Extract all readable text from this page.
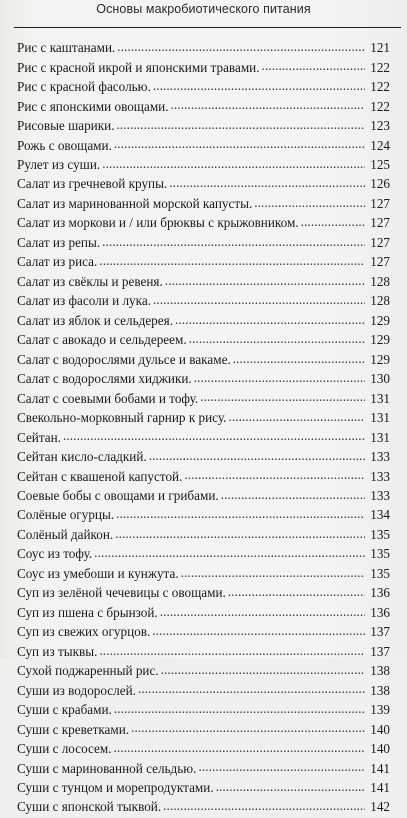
Основы макробиотического питания
Рис с каштанами. . . .	121
Рис с красной икрой и японскими травами. . . .	122
Рис с красной фасолью. . . .	122
Рис с японскими овощами. . . .	122
Рисовые шарики. . . .	123
Рожь с овощами. . . .	124
Рулет из суши. . . .	125
Салат из гречневой крупы. . . .	126
Салат из маринованной морской капусты. . . .	127
Салат из моркови и / или брюквы с крыжовником. . . .	127
Салат из репы. . . .	127
Салат из риса. . . .	127
Салат из свёклы и ревеня. . . .	128
Салат из фасоли и лука. . . .	128
Салат из яблок и сельдерея. . . .	129
Салат с авокадо и сельдереем. . . .	129
Салат с водорослями дульсе и вакаме. . . .	129
Салат с водорослями хиджики. . . .	130
Салат с соевыми бобами и тофу. . . .	131
Свекольно-морковный гарнир к рису. . . .	131
Сейтан. . . .	131
Сейтан кисло-сладкий. . . .	133
Сейтан с квашеной капустой. . . .	133
Соевые бобы с овощами и грибами. . . .	133
Солёные огурцы. . . .	134
Солёный дайкон. . . .	135
Соус из тофу. . . .	135
Соус из умебоши и кунжута. . . .	135
Суп из зелёной чечевицы с овощами. . . .	136
Суп из пшена с брынзой. . . .	136
Суп из свежих огурцов. . . .	137
Суп из тыквы. . . .	137
Сухой поджаренный рис. . . .	138
Суши из водорослей. . . .	138
Суши с крабами. . . .	139
Суши с креветками. . . .	140
Суши с лососем. . . .	140
Суши с маринованной сельдью. . . .	141
Суши с тунцом и морепродуктами. . . .	141
Суши с японской тыквой. . . .	142
